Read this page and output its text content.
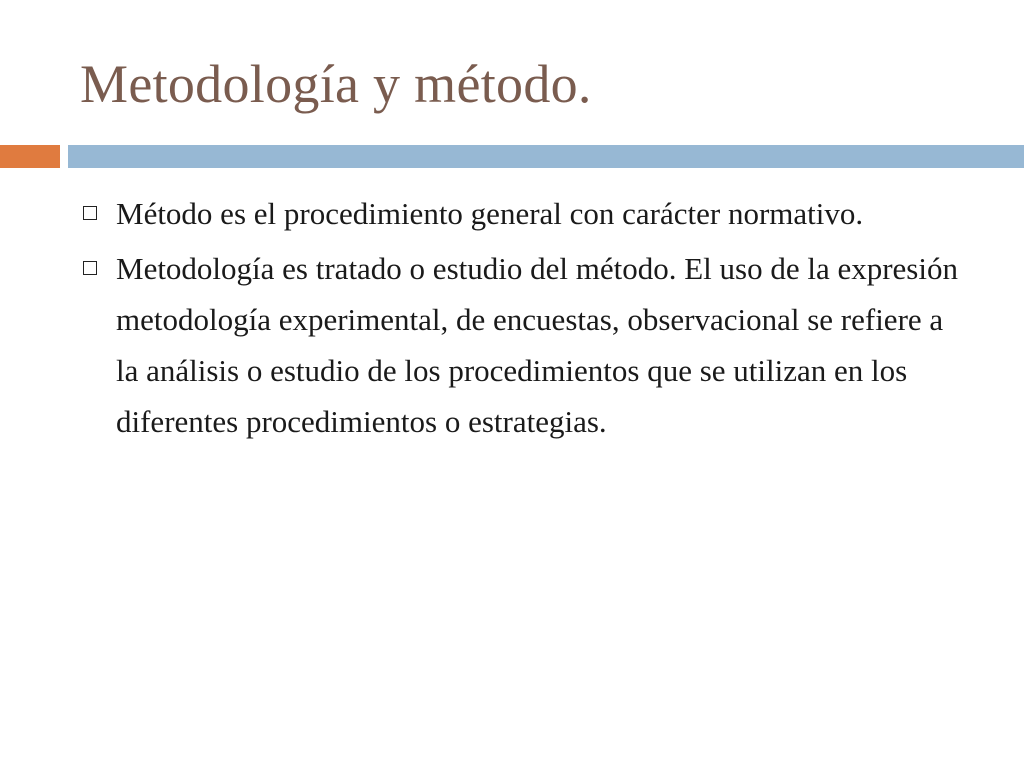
Metodología y método.
Método es el procedimiento general con carácter normativo.
Metodología es tratado o estudio del método. El uso de la expresión metodología experimental, de encuestas, observacional se refiere a la análisis o estudio de los procedimientos que se utilizan en los diferentes procedimientos o estrategias.
